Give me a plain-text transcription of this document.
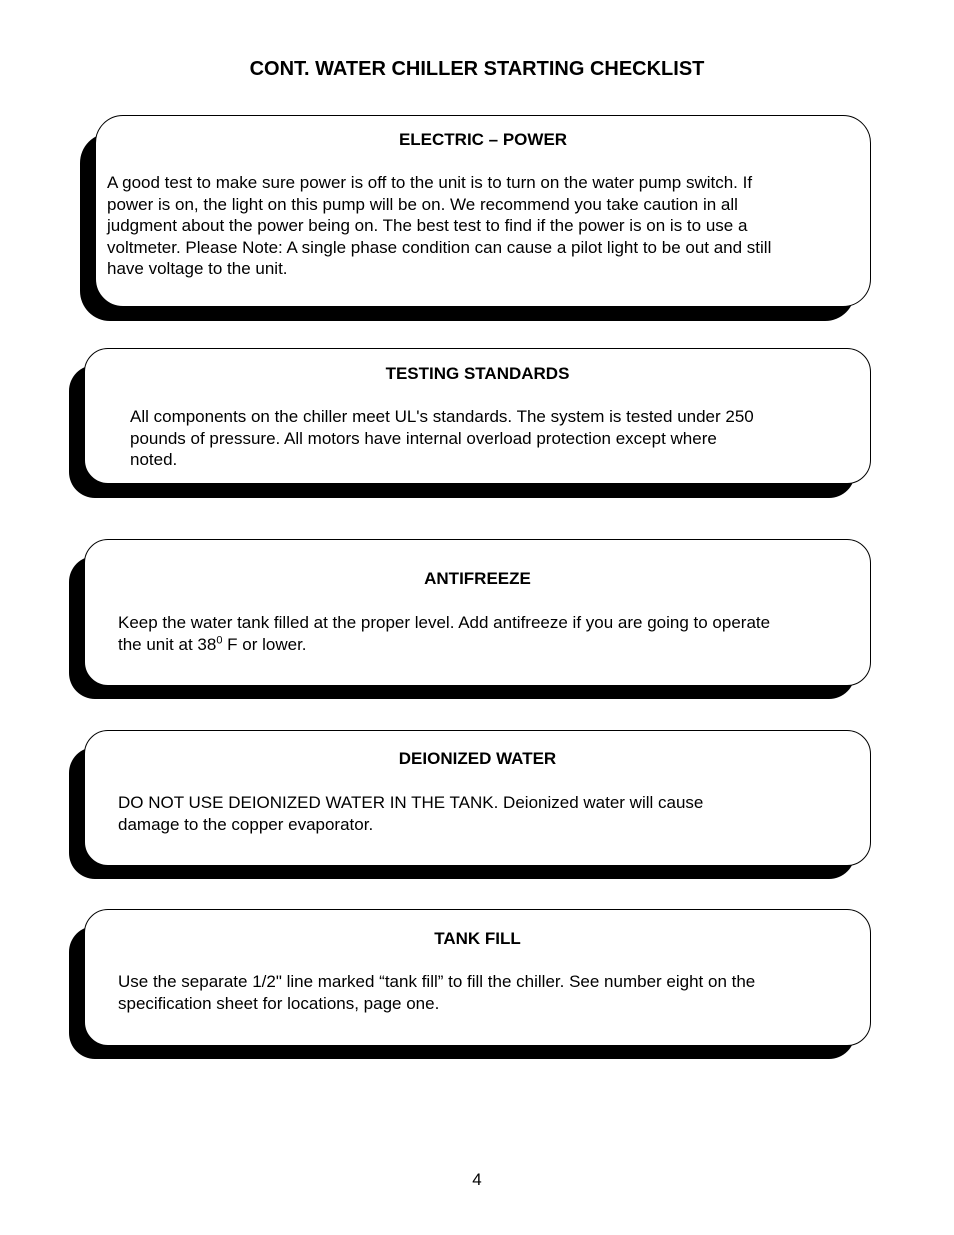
CONT. WATER CHILLER STARTING CHECKLIST
ELECTRIC – POWER
A good test to make sure power is off to the unit is to turn on the water pump switch. If
power is on, the light on this pump will be on. We recommend you take caution in all
judgment about the power being on. The best test to find if the power is on is to use a
voltmeter. Please Note: A single phase condition can cause a pilot light to be out and still
have voltage to the unit.
TESTING STANDARDS
All components on the chiller meet UL's standards. The system is tested under 250
pounds of pressure. All motors have internal overload protection except where
noted.
ANTIFREEZE
Keep the water tank filled at the proper level. Add antifreeze if you are going to operate
the unit at $38^0$ F or lower.
DEIONIZED WATER
DO NOT USE DEIONIZED WATER IN THE TANK. Deionized water will cause
damage to the copper evaporator.
TANK FILL
Use the separate 1/2" line marked “tank fill” to fill the chiller. See number eight on the
specification sheet for locations, page one.
4
